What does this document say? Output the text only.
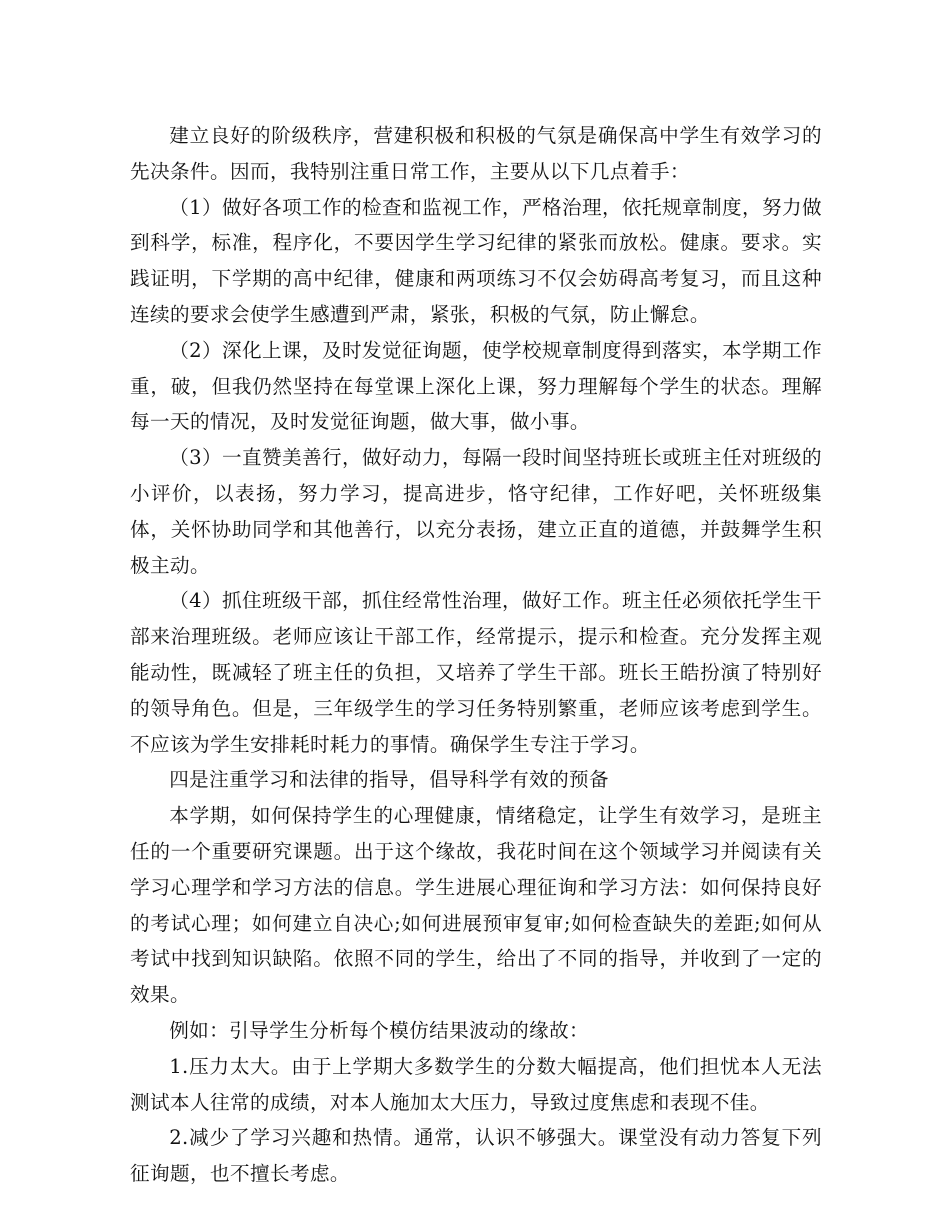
建立良好的阶级秩序，营建积极和积极的气氛是确保高中学生有效学习的先决条件。因而，我特别注重日常工作，主要从以下几点着手：

（1）做好各项工作的检查和监视工作，严格治理，依托规章制度，努力做到科学，标准，程序化，不要因学生学习纪律的紧张而放松。健康。要求。实践证明，下学期的高中纪律，健康和两项练习不仅会妨碍高考复习，而且这种连续的要求会使学生感遭到严肃，紧张，积极的气氛，防止懈怠。

（2）深化上课，及时发觉征询题，使学校规章制度得到落实，本学期工作重，破，但我仍然坚持在每堂课上深化上课，努力理解每个学生的状态。理解每一天的情况，及时发觉征询题，做大事，做小事。

（3）一直赞美善行，做好动力，每隔一段时间坚持班长或班主任对班级的小评价，以表扬，努力学习，提高进步，恪守纪律，工作好吧，关怀班级集体，关怀协助同学和其他善行，以充分表扬，建立正直的道德，并鼓舞学生积极主动。

（4）抓住班级干部，抓住经常性治理，做好工作。班主任必须依托学生干部来治理班级。老师应该让干部工作，经常提示，提示和检查。充分发挥主观能动性，既减轻了班主任的负担，又培养了学生干部。班长王皓扮演了特别好的领导角色。但是，三年级学生的学习任务特别繁重，老师应该考虑到学生。不应该为学生安排耗时耗力的事情。确保学生专注于学习。

四是注重学习和法律的指导，倡导科学有效的预备

本学期，如何保持学生的心理健康，情绪稳定，让学生有效学习，是班主任的一个重要研究课题。出于这个缘故，我花时间在这个领域学习并阅读有关学习心理学和学习方法的信息。学生进展心理征询和学习方法：如何保持良好的考试心理；如何建立自决心;如何进展预审复审;如何检查缺失的差距;如何从考试中找到知识缺陷。依照不同的学生，给出了不同的指导，并收到了一定的效果。

例如：引导学生分析每个模仿结果波动的缘故：

1.压力太大。由于上学期大多数学生的分数大幅提高，他们担忧本人无法测试本人往常的成绩，对本人施加太大压力，导致过度焦虑和表现不佳。

2.减少了学习兴趣和热情。通常，认识不够强大。课堂没有动力答复下列征询题，也不擅长考虑。
